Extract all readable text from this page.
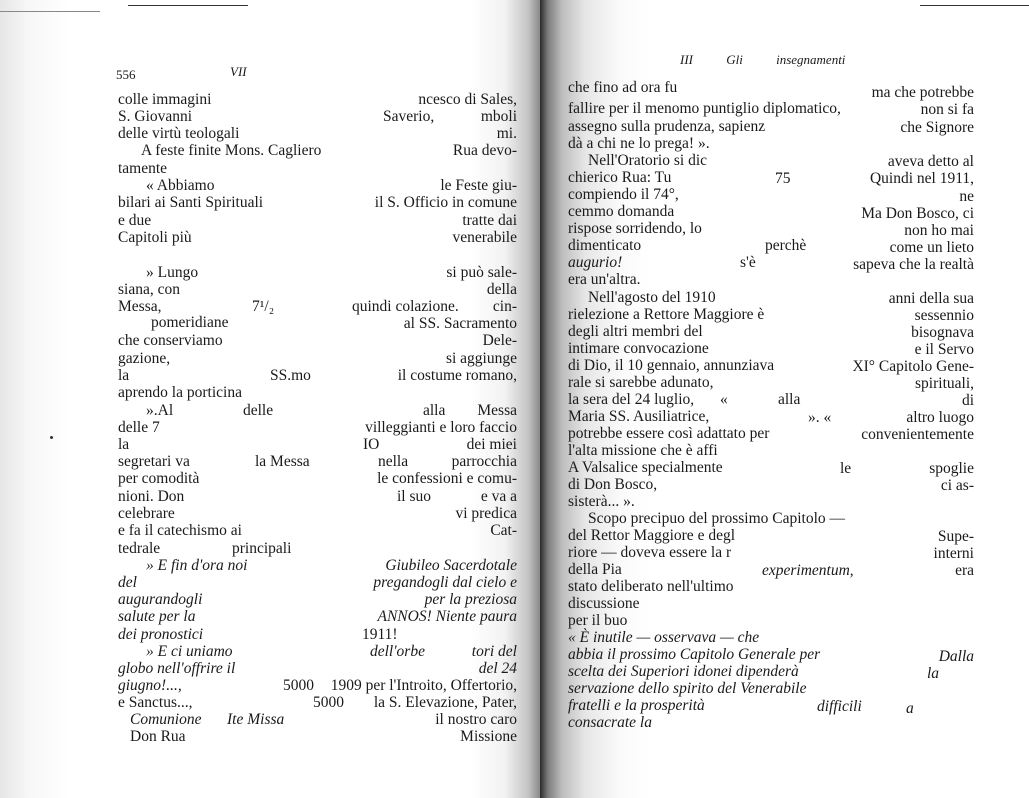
556	VII
colle immagini
S. Giovanni
delle virtù teologali
A feste finite Mons. Cagliero
tamente
« Abbiamo
bilari ai Santi Spirituali
e due
Capitoli più
» Lungo
siana, con
Messa,	7¹/₂
pomeridiane
che conserviamo
gazione,
la	SS.mo
aprendo la porticina
».Al	delle
delle 7
la
segretari va	la Messa
per comodità
nioni. Don
celebrare
e fa il catechismo ai
tedrale	principali
» E fin d'ora noi
del
augurandogli
salute per la
dei pronostici
» E ci uniamo
globo nell'offrire il
giugno!...,	5000
e Sanctus...,	5000
Comunione Ite Missa
Don Rua
ncesco di Sales,
Saverio,	mboli
mi.
Rua devo-
le Feste giu-
il S. Officio in comune
tratte dai
venerabile
si può sale-
della
quindi colazione. cin-
al SS. Sacramento
Dele-
si aggiunge
il costume romano,
alla Messa
villeggianti e loro faccio
IO	dei miei
nella	parrocchia
le confessioni e comu-
il suo	e va a
vi predica
Cat-
Giubileo Sacerdotale
pregandogli dal cielo e
per la preziosa
ANNOS! Niente paura
1911!
dell'orbe	tori del
del 24
1909 per l'Introito, Offertorio,
la S. Elevazione, Pater,
il nostro caro
Missione
III Gli insegnamenti
che fino ad ora fu	ma che potrebbe
fallire per il menomo puntiglio diplomatico,	non si fa
assegno sulla prudenza, sapienz	che Signore
dà a chi ne lo prega! ».
Nell'Oratorio si dic	aveva detto al
chierico Rua: Tu	75	Quindi nel 1911,
compiendo il 74°,	ne
cemmo domanda	Ma Don Bosco, ci
rispose sorridendo, lo	non ho mai
dimenticato	perchè	come un lieto
augurio!	s'è	sapeva che la realtà
era un'altra.
Nell'agosto del 1910	anni della sua
rielezione a Rettore Maggiore è	sessennio
degli altri membri del	bisognava
intimare convocazione	e il Servo
di Dio, il 10 gennaio, annunziava	XI° Capitolo Gene-
rale si sarebbe adunato,	spirituali,
la sera del 24 luglio, «	alla	di
Maria SS. Ausiliatrice,	». «	altro luogo
potrebbe essere così adattato per	convenientemente
l'alta missione che è affi
A Valsalice specialmente	le	spoglie
di Don Bosco,	ci as-
sisterà... ».
Scopo precipuo del prossimo Capitolo —
del Rettor Maggiore e degl	Supe-
riore — doveva essere la r	interni
della Pia	experimentum,	era
stato deliberato nell'ultimo
discussione
per il buo
« È inutile — osservava — che
abbia il prossimo Capitolo Generale per	Dalla
scelta dei Superiori idonei dipenderà	la
servazione dello spirito del Venerabile
fratelli e la prosperità	difficili	a
consacrate la
